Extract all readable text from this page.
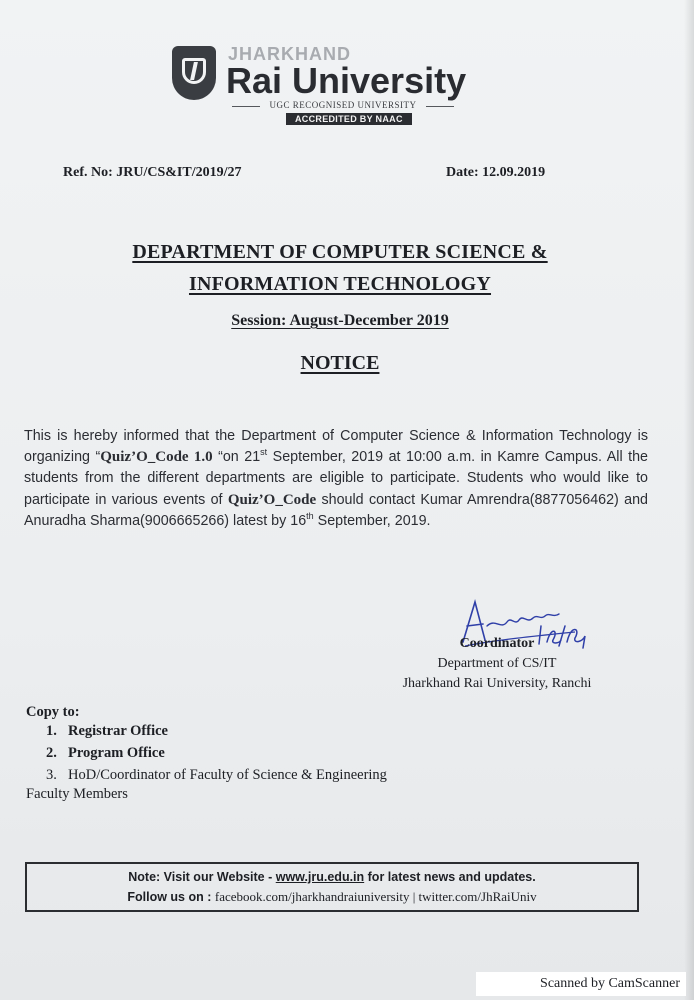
JHARKHAND
Rai University
UGC RECOGNISED UNIVERSITY
ACCREDITED BY NAAC
Ref. No: JRU/CS&IT/2019/27	Date: 12.09.2019
DEPARTMENT OF COMPUTER SCIENCE &
INFORMATION TECHNOLOGY
Session: August-December 2019
NOTICE
This is hereby informed that the Department of Computer Science & Information Technology is organizing “Quiz’O_Code 1.0 “on 21st September, 2019 at 10:00 a.m. in Kamre Campus. All the students from the different departments are eligible to participate. Students who would like to participate in various events of Quiz’O_Code should contact Kumar Amrendra(8877056462) and Anuradha Sharma(9006665266) latest by 16th September, 2019.
Coordinator
Department of CS/IT
Jharkhand Rai University, Ranchi
Copy to:
1. Registrar Office
2. Program Office
3. HoD/Coordinator of Faculty of Science & Engineering
Faculty Members
Note: Visit our Website - www.jru.edu.in for latest news and updates.
Follow us on : facebook.com/jharkhandraiuniversity | twitter.com/JhRaiUniv
Scanned by CamScanner
